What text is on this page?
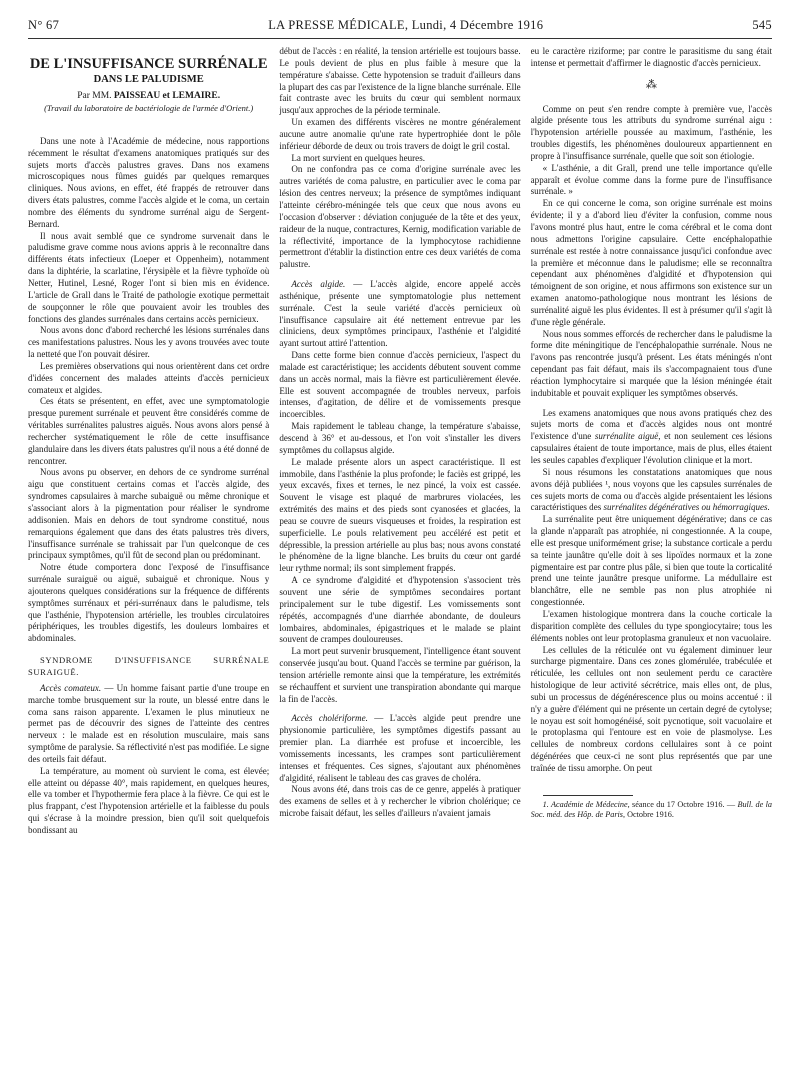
N° 67	LA PRESSE MÉDICALE, Lundi, 4 Décembre 1916	545
DE L'INSUFFISANCE SURRÉNALE
DANS LE PALUDISME
Par MM. PAISSEAU et LEMAIRE.
(Travail du laboratoire de bactériologie de l'armée d'Orient.)

Dans une note à l'Académie de médecine, nous rapportions récemment le résultat d'examens anatomiques pratiqués sur des sujets morts d'accès palustres graves. Dans nos examens microscopiques nous fûmes guidés par quelques remarques cliniques. Nous avions, en effet, été frappés de retrouver dans divers états palustres, comme l'accès algide et le coma, un certain nombre des éléments du syndrome surrénal aigu de Sergent-Bernard.

Il nous avait semblé que ce syndrome survenait dans le paludisme grave comme nous avions appris à le reconnaître dans différents états infectieux (Loeper et Oppenheim), notamment dans la diphtérie, la scarlatine, l'érysipèle et la fièvre typhoïde où Netter, Hutinel, Lesné, Roger l'ont si bien mis en évidence. L'article de Grall dans le Traité de pathologie exotique permettait de soupçonner le rôle que pouvaient avoir les troubles des fonctions des glandes surrénales dans certains accès pernicieux.

Nous avons donc d'abord recherché les lésions surrénales dans ces manifestations palustres. Nous les y avons trouvées avec toute la netteté que l'on pouvait désirer.

Les premières observations qui nous orientèrent dans cet ordre d'idées concernent des malades atteints d'accès pernicieux comateux et algides.

Ces états se présentent, en effet, avec une symptomatologie presque purement surrénale et peuvent être considérés comme de véritables surrénalites palustres aiguës. Nous avons alors pensé à rechercher systématiquement le rôle de cette insuffisance glandulaire dans les divers états palustres qu'il nous a été donné de rencontrer.

Nous avons pu observer, en dehors de ce syndrome surrénal aigu que constituent certains comas et l'accès algide, des syndromes capsulaires à marche subaiguë ou même chronique et s'associant alors à la pigmentation pour réaliser le syndrome addisonien. Mais en dehors de tout syndrome constitué, nous remarquions également que dans des états palustres très divers, l'insuffisance surrénale se trahissait par l'un quelconque de ces principaux symptômes, qu'il fût de second plan ou prédominant.

Notre étude comportera donc l'exposé de l'insuffisance surrénale suraiguë ou aiguë, subaiguë et chronique. Nous y ajouterons quelques considérations sur la fréquence de différents symptômes surrénaux et péri-surrénaux dans le paludisme, tels que l'asthénie, l'hypotension artérielle, les troubles circulatoires périphériques, les troubles digestifs, les douleurs lombaires et abdominales.

SYNDROME D'INSUFFISANCE SURRÉNALE SURAIGUË.

Accès comateux. — Un homme faisant partie d'une troupe en marche tombe brusquement sur la route, un blessé entre dans le coma sans raison apparente. L'examen le plus minutieux ne permet pas de découvrir des signes de l'atteinte des centres nerveux : le malade est en résolution musculaire, mais sans symptôme de paralysie. Sa réflectivité n'est pas modifiée. Le signe des orteils fait défaut.

La température, au moment où survient le coma, est élevée; elle atteint ou dépasse 40°, mais rapidement, en quelques heures, elle va tomber et l'hypothermie fera place à la fièvre. Ce qui est le plus frappant, c'est l'hypotension artérielle et la faiblesse du pouls qui s'écrase à la moindre pression, bien qu'il soit quelquefois bondissant au

début de l'accès : en réalité, la tension artérielle est toujours basse. Le pouls devient de plus en plus faible à mesure que la température s'abaisse. Cette hypotension se traduit d'ailleurs dans la plupart des cas par l'existence de la ligne blanche surrénale. Elle fait contraste avec les bruits du cœur qui semblent normaux jusqu'aux approches de la période terminale.

Un examen des différents viscères ne montre généralement aucune autre anomalie qu'une rate hypertrophiée dont le pôle inférieur déborde de deux ou trois travers de doigt le gril costal.

La mort survient en quelques heures.

On ne confondra pas ce coma d'origine surrénale avec les autres variétés de coma palustre, en particulier avec le coma par lésion des centres nerveux; la présence de symptômes indiquant l'atteinte cérébro-méningée tels que ceux que nous avons eu l'occasion d'observer : déviation conjuguée de la tête et des yeux, raideur de la nuque, contractures, Kernig, modification variable de la réflectivité, importance de la lymphocytose rachidienne permettront d'établir la distinction entre ces deux variétés de coma palustre.

Accès algide. — L'accès algide, encore appelé accès asthénique, présente une symptomatologie plus nettement surrénale. C'est la seule variété d'accès pernicieux où l'insuffisance capsulaire ait été nettement entrevue par les cliniciens, deux symptômes principaux, l'asthénie et l'algidité ayant surtout attiré l'attention.

Dans cette forme bien connue d'accès pernicieux, l'aspect du malade est caractéristique; les accidents débutent souvent comme dans un accès normal, mais la fièvre est particulièrement élevée. Elle est souvent accompagnée de troubles nerveux, parfois intenses, d'agitation, de délire et de vomissements presque incoercibles.

Mais rapidement le tableau change, la température s'abaisse, descend à 36° et au-dessous, et l'on voit s'installer les divers symptômes du collapsus algide.

Le malade présente alors un aspect caractéristique. Il est immobile, dans l'asthénie la plus profonde; le faciès est grippé, les yeux excavés, fixes et ternes, le nez pincé, la voix est cassée. Souvent le visage est plaqué de marbrures violacées, les extrémités des mains et des pieds sont cyanosées et glacées, la peau se couvre de sueurs visqueuses et froides, la respiration est superficielle. Le pouls relativement peu accéléré est petit et dépressible, la pression artérielle au plus bas; nous avons constaté le phénomène de la ligne blanche. Les bruits du cœur ont gardé leur rythme normal; ils sont simplement frappés.

A ce syndrome d'algidité et d'hypotension s'associent très souvent une série de symptômes secondaires portant principalement sur le tube digestif. Les vomissements sont répétés, accompagnés d'une diarrhée abondante, de douleurs lombaires, abdominales, épigastriques et le malade se plaint souvent de crampes douloureuses.

La mort peut survenir brusquement, l'intelligence étant souvent conservée jusqu'au bout. Quand l'accès se termine par guérison, la tension artérielle remonte ainsi que la température, les extrémités se réchauffent et survient une transpiration abondante qui marque la fin de l'accès.

Accès cholériforme. — L'accès algide peut prendre une physionomie particulière, les symptômes digestifs passant au premier plan. La diarrhée est profuse et incoercible, les vomissements incessants, les crampes sont particulièrement intenses et fréquentes. Ces signes, s'ajoutant aux phénomènes d'algidité, réalisent le tableau des cas graves de choléra.

Nous avons été, dans trois cas de ce genre, appelés à pratiquer des examens de selles et à y rechercher le vibrion cholérique; ce microbe faisait défaut, les selles d'ailleurs n'avaient jamais

eu le caractère riziforme; par contre le parasitisme du sang était intense et permettait d'affirmer le diagnostic d'accès pernicieux.

⁂

Comme on peut s'en rendre compte à première vue, l'accès algide présente tous les attributs du syndrome surrénal aigu : l'hypotension artérielle poussée au maximum, l'asthénie, les troubles digestifs, les phénomènes douloureux appartiennent en propre à l'insuffisance surrénale, quelle que soit son étiologie.

« L'asthénie, a dit Grall, prend une telle importance qu'elle apparaît et évolue comme dans la forme pure de l'insuffisance surrénale. »

En ce qui concerne le coma, son origine surrénale est moins évidente; il y a d'abord lieu d'éviter la confusion, comme nous l'avons montré plus haut, entre le coma cérébral et le coma dont nous admettons l'origine capsulaire. Cette encéphalopathie surrénale est restée à notre connaissance jusqu'ici confondue avec la première et méconnue dans le paludisme; elle se reconnaîtra cependant aux phénomènes d'algidité et d'hypotension qui témoignent de son origine, et nous affirmons son existence sur un examen anatomo-pathologique nous montrant les lésions de surrénalité aiguë les plus évidentes. Il est à présumer qu'il s'agit là d'une règle générale.

Nous nous sommes efforcés de rechercher dans le paludisme la forme dite méningitique de l'encéphalopathie surrénale. Nous ne l'avons pas rencontrée jusqu'à présent. Les états méningés n'ont cependant pas fait défaut, mais ils s'accompagnaient tous d'une réaction lymphocytaire si marquée que la lésion méningée était indubitable et pouvait expliquer les symptômes observés.

Les examens anatomiques que nous avons pratiqués chez des sujets morts de coma et d'accès algides nous ont montré l'existence d'une surrénalite aiguë, et non seulement ces lésions capsulaires étaient de toute importance, mais de plus, elles étaient les seules capables d'expliquer l'évolution clinique et la mort.

Si nous résumons les constatations anatomiques que nous avons déjà publiées ¹, nous voyons que les capsules surrénales de ces sujets morts de coma ou d'accès algide présentaient les lésions caractéristiques des surrénalites dégénératives ou hémorragiques.

La surrénalite peut être uniquement dégénérative; dans ce cas la glande n'apparaît pas atrophiée, ni congestionnée. A la coupe, elle est presque uniformément grise; la substance corticale a perdu sa teinte jaunâtre qu'elle doit à ses lipoïdes normaux et la zone pigmentaire est par contre plus pâle, si bien que toute la corticalité prend une teinte jaunâtre presque uniforme. La médullaire est blanchâtre, elle ne semble pas non plus atrophiée ni congestionnée.

L'examen histologique montrera dans la couche corticale la disparition complète des cellules du type spongiocytaire; tous les éléments nobles ont leur protoplasma granuleux et non vacuolaire.

Les cellules de la réticulée ont vu également diminuer leur surcharge pigmentaire. Dans ces zones glomérulée, trabéculée et réticulée, les cellules ont non seulement perdu ce caractère histologique de leur activité sécrétrice, mais elles ont, de plus, subi un processus de dégénérescence plus ou moins accentué : il n'y a guère d'élément qui ne présente un certain degré de cytolyse; le noyau est soit homogénéisé, soit pycnotique, soit vacuolaire et le protoplasma qui l'entoure est en voie de plasmolyse. Les cellules de nombreux cordons cellulaires sont à ce point dégénérées que ceux-ci ne sont plus représentés que par une traînée de tissu amorphe. On peut

1. Académie de Médecine, séance du 17 Octobre 1916. — Bull. de la Soc. méd. des Hôp. de Paris, Octobre 1916.
